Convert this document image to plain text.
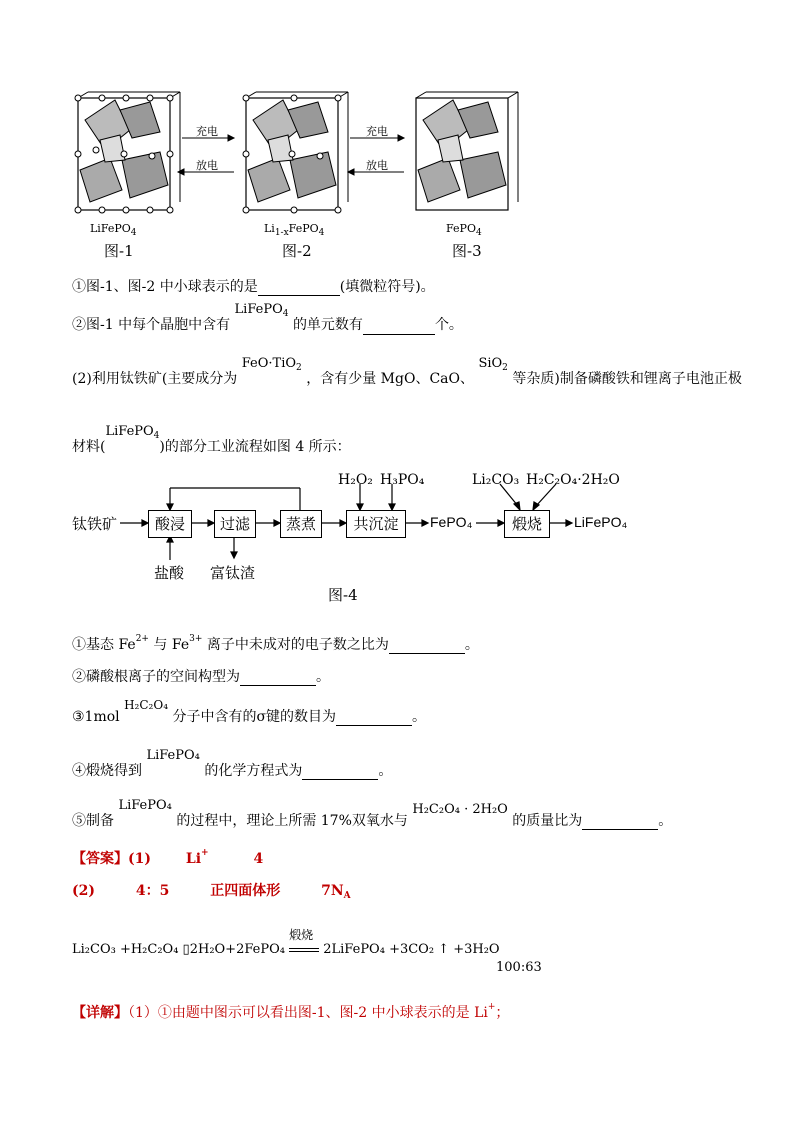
充电
放电
充电
放电
LiFePO$_4$	$Li_{1-x}FePO_4$	FePO$_4$
图-1	图-2	图-3
①图-1、图-2 中小球表示的是	(填微粒符号)。
②图-1 中每个晶胞中含有 LiFePO$_4$ 的单元数有	个。
(2)利用钛铁矿(主要成分为 FeO·TiO$_2$ ，含有少量 MgO、CaO、 SiO$_2$ 等杂质)制备磷酸铁和锂离子电池正极
材料(LiFePO$_4$)的部分工业流程如图 4 所示：
钛铁矿	酸浸	过滤	蒸煮	共沉淀	FePO₄	煅烧	LiFePO₄
盐酸 富钛渣
H₂O₂ H₃PO₄	Li₂CO₃ H₂C₂O₄·2H₂O
图-4
①基态 $Fe^{2+}$ 与 $Fe^{3+}$ 离子中未成对的电子数之比为	。
②磷酸根离子的空间构型为	。
③1mol H₂C₂O₄ 分子中含有的σ键的数目为	。
④煅烧得到 LiFePO₄ 的化学方程式为	。
⑤制备 LiFePO₄ 的过程中，理论上所需 17%双氧水与 H₂C₂O₄ · 2H₂O 的质量比为	。
【答案】(1) Li+	4
(2)	4：5	正四面体形	$7N_A$
Li₂CO₃ +H₂C₂O₄ ▯2H₂O+2FePO₄
煅烧
2LiFePO₄ +3CO₂ ↑ +3H₂O
100:63
【详解】（1）①由题中图示可以看出图-1、图-2 中小球表示的是 Li+；
